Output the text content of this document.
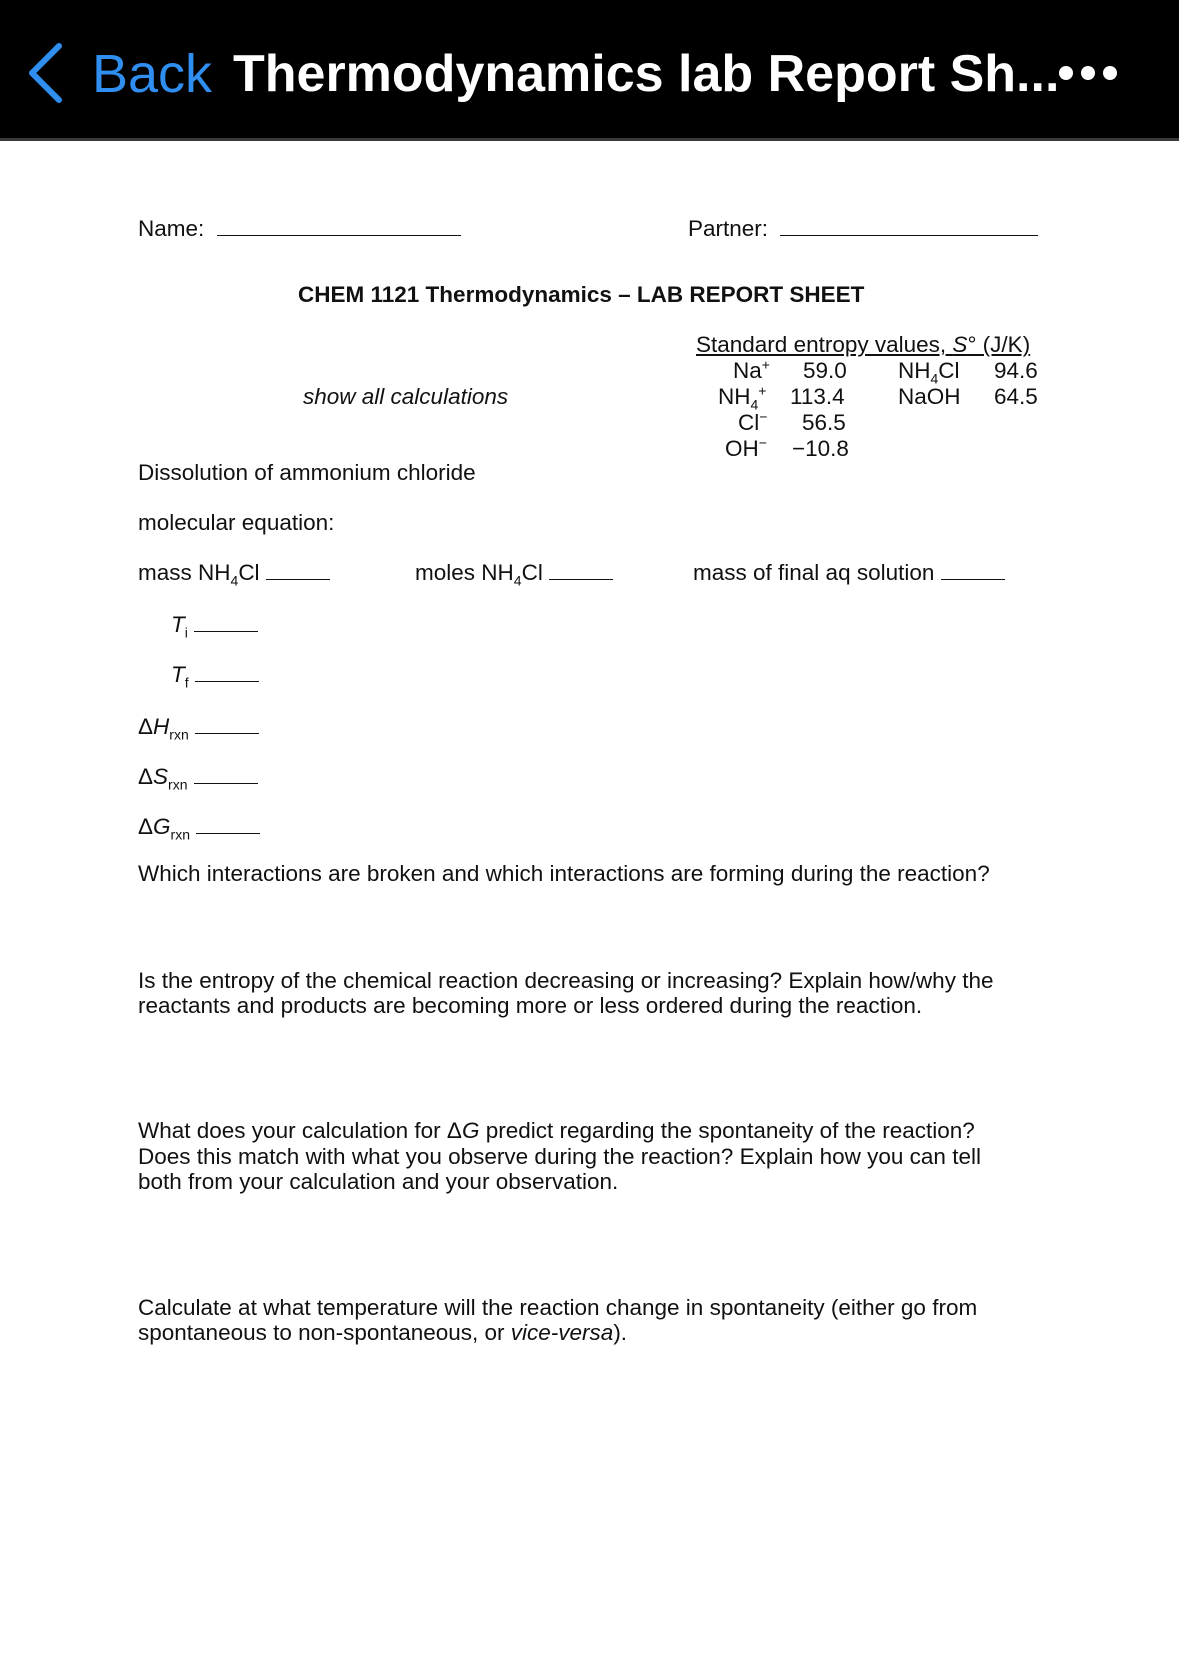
Back Thermodynamics lab Report Sh...
Name:	Partner:
CHEM 1121 Thermodynamics – LAB REPORT SHEET
Standard entropy values, S° (J/K)
Na+ 59.0 $NH_4Cl$ 94.6
$NH_4^+$ 113.4 NaOH 64.5
Cl− 56.5
OH− −10.8
show all calculations
Dissolution of ammonium chloride
molecular equation:
mass $NH_4Cl$	moles $NH_4Cl$	mass of final aq solution
$T_i$
$T_f$
$\Delta H_{rxn}$
$\Delta S_{rxn}$
$\Delta G_{rxn}$
Which interactions are broken and which interactions are forming during the reaction?
Is the entropy of the chemical reaction decreasing or increasing? Explain how/why the
reactants and products are becoming more or less ordered during the reaction.
What does your calculation for ΔG predict regarding the spontaneity of the reaction?
Does this match with what you observe during the reaction? Explain how you can tell
both from your calculation and your observation.
Calculate at what temperature will the reaction change in spontaneity (either go from
spontaneous to non-spontaneous, or vice-versa).
